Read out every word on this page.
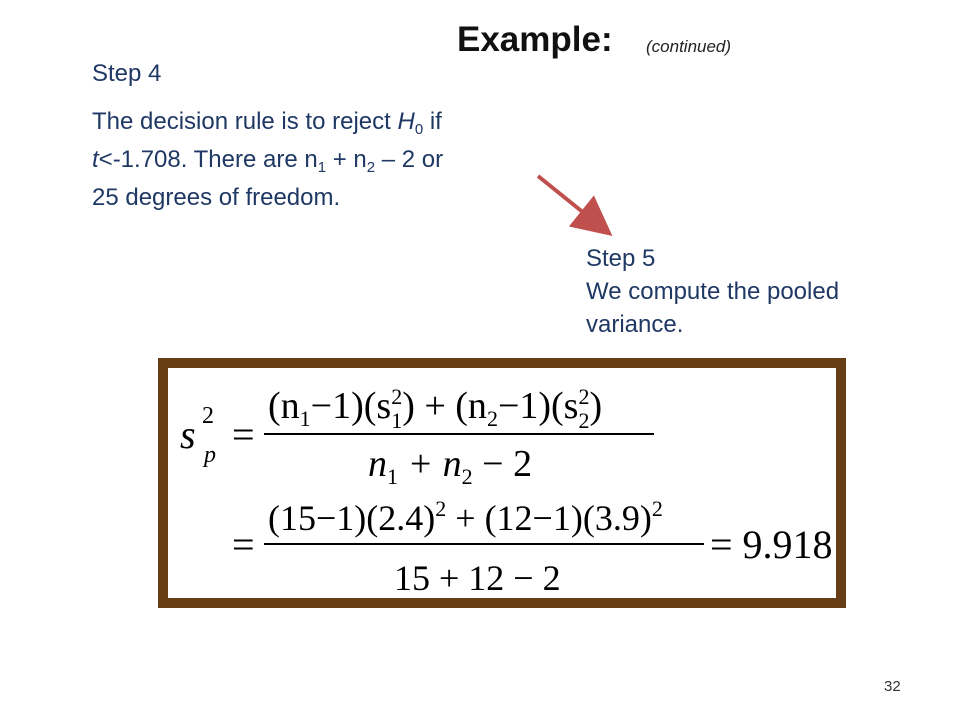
Example: (continued)
Step 4
The decision rule is to reject $H_0$ if
t<-1.708. There are $n_1 + n_2 - 2$ or
25 degrees of freedom.
Step 5
We compute the pooled
variance.
s 2
p =
$(n_1-1)(s^2$ $1) + (n_2-1)(s^2$ 2)
$n_1 + n_2 - 2$
=
$(15-1)(2.4)^2 + (12-1)(3.9)^2$
15 + 12 − 2
= 9.918
32
